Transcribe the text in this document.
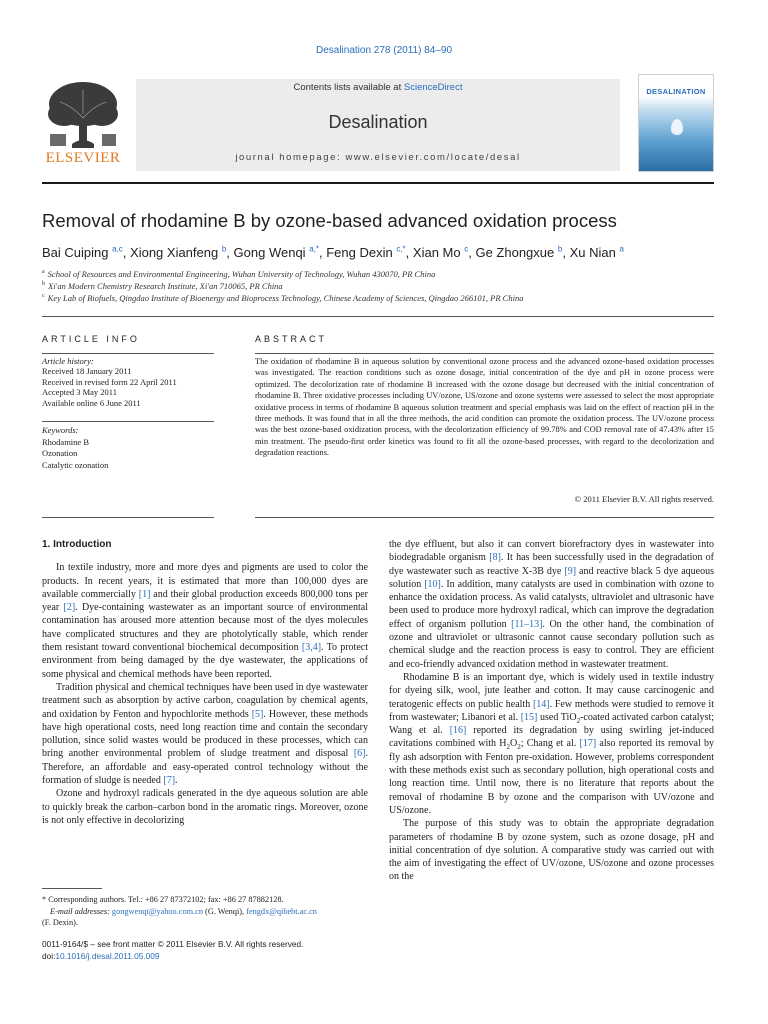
Desalination 278 (2011) 84–90
ELSEVIER
Contents lists available at ScienceDirect
Desalination
journal homepage: www.elsevier.com/locate/desal
DESALINATION
Removal of rhodamine B by ozone-based advanced oxidation process
Bai Cuiping $^{a,c}$, Xiong Xianfeng $^b$, Gong Wenqi $^{a,*}$, Feng Dexin $^{c,*}$, Xian Mo $^c$, Ge Zhongxue $^b$, Xu Nian $^a$
$^a$ School of Resources and Environmental Engineering, Wuhan University of Technology, Wuhan 430070, PR China
$^b$ Xi'an Modern Chemistry Research Institute, Xi'an 710065, PR China
$^c$ Key Lab of Biofuels, Qingdao Institute of Bioenergy and Bioprocess Technology, Chinese Academy of Sciences, Qingdao 266101, PR China
ARTICLE INFO
Article history:
Received 18 January 2011
Received in revised form 22 April 2011
Accepted 3 May 2011
Available online 6 June 2011
Keywords:
Rhodamine B
Ozonation
Catalytic ozonation
ABSTRACT
The oxidation of rhodamine B in aqueous solution by conventional ozone process and the advanced ozone-based oxidation processes was investigated. The reaction conditions such as ozone dosage, initial concentration of the dye and pH in ozone process were optimized. The decolorization rate of rhodamine B increased with the ozone dosage but decreased with the initial concentration of rhodamine B. Three oxidative processes including UV/ozone, US/ozone and ozone systems were assessed to select the most appropriate oxidative process in terms of rhodamine B aqueous solution treatment and special emphasis was laid on the effect of reaction pH in the three methods. It was found that in all the three methods, the acid condition can promote the oxidation process. The UV/ozone process was the best ozone-based oxidization process, with the decolorization efficiency of 99.78% and COD removal rate of 47.43% after 15 min treatment. The pseudo-first order kinetics was found to fit all the ozone-based processes, with regard to the decolorization and degradation reactions.
© 2011 Elsevier B.V. All rights reserved.
1. Introduction

In textile industry, more and more dyes and pigments are used to color the products. In recent years, it is estimated that more than 100,000 dyes are available commercially [1] and their global production exceeds 800,000 tons per year [2]. Dye-containing wastewater as an important source of environmental contamination has aroused more attention because most of the dyes molecules have complicated structures and they are photolytically stable, which render them resistant toward conventional biochemical decomposition [3,4]. To protect environment from being damaged by the dye wastewater, the applications of some physical and chemical methods have been reported.

Tradition physical and chemical techniques have been used in dye wastewater treatment such as absorption by active carbon, coagulation by chemical agents, and oxidation by Fenton and hypochlorite methods [5]. However, these methods have high operational costs, need long reaction time and contain the secondary pollution, since solid wastes would be produced in these processes, which can bring another environmental problem of sludge treatment and disposal [6]. Therefore, an affordable and easy-operated control technology without the formation of sludge is needed [7].

Ozone and hydroxyl radicals generated in the dye aqueous solution are able to quickly break the carbon–carbon bond in the aromatic rings. Moreover, ozone is not only effective in decolorizing

the dye effluent, but also it can convert biorefractory dyes in wastewater into biodegradable organism [8]. It has been successfully used in the degradation of dye wastewater such as reactive X-3B dye [9] and reactive black 5 dye aqueous solution [10]. In addition, many catalysts are used in combination with ozone to enhance the oxidation process. As valid catalysts, ultraviolet and ultrasonic have been used to produce more hydroxyl radical, which can improve the degradation effect of organism pollution [11–13]. On the other hand, the combination of ozone and ultraviolet or ultrasonic cannot cause secondary pollution such as chemical sludge and the reaction process is easy to control. They are efficient and eco-friendly advanced oxidation method in wastewater treatment.

Rhodamine B is an important dye, which is widely used in textile industry for dyeing silk, wool, jute leather and cotton. It may cause carcinogenic and teratogenic effects on public health [14]. Few methods were studied to remove it from wastewater; Libanori et al. [15] used TiO$_2$-coated activated carbon catalyst; Wang et al. [16] reported its degradation by using swirling jet-induced cavitations combined with $H_2O_2$; Chang et al. [17] also reported its removal by fly ash adsorption with Fenton pre-oxidation. However, problems correspondent with these methods exist such as secondary pollution, high operational costs and long reaction time. Until now, there is no literature that reports about the removal of rhodamine B by ozone and the comparison with UV/ozone and US/ozone.

The purpose of this study was to obtain the appropriate degradation parameters of rhodamine B by ozone system, such as ozone dosage, pH and initial concentration of dye solution. A comparative study was carried out with the aim of investigating the effect of UV/ozone, US/ozone and ozone processes on the

* Corresponding authors. Tel.: +86 27 87372102; fax: +86 27 87882128.
E-mail addresses: gongwenqi@yahoo.com.cn (G. Wenqi), fengdx@qibebt.ac.cn
(F. Dexin).
0011-9164/$ – see front matter © 2011 Elsevier B.V. All rights reserved.
doi:10.1016/j.desal.2011.05.009
